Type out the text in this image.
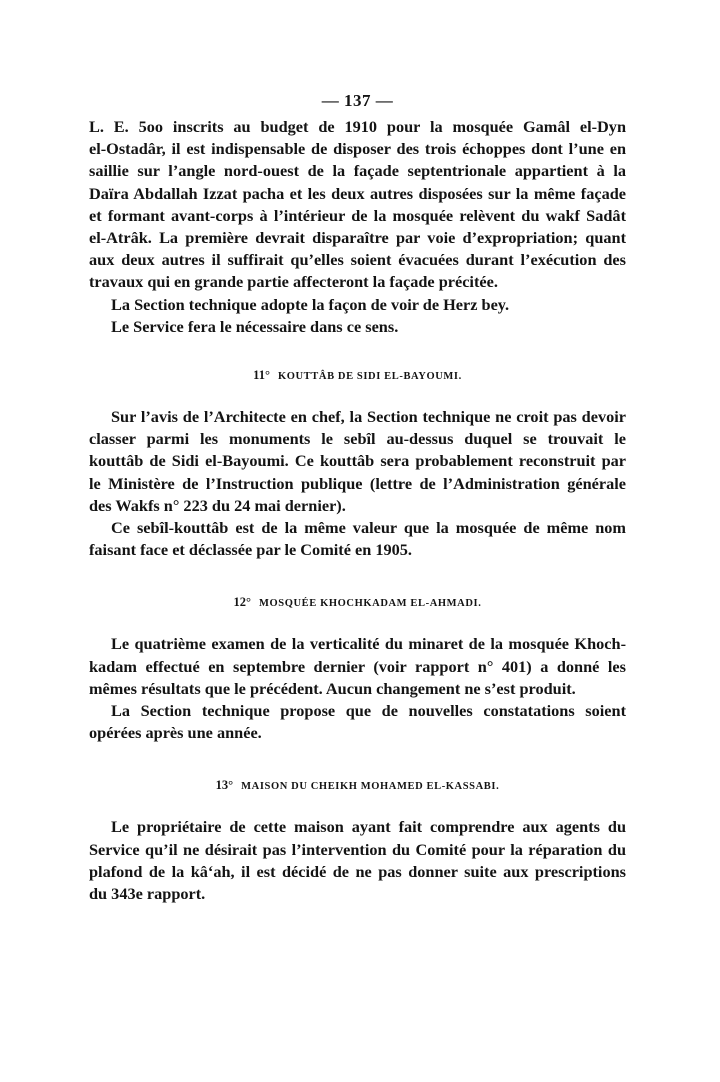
— 137 —
L. E. 5oo inscrits au budget de 1910 pour la mosquée Gamâl el-Dyn
el-Ostadâr, il est indispensable de disposer des trois échoppes dont l’une en
saillie sur l’angle nord-ouest de la façade septentrionale appartient à la
Daïra Abdallah Izzat pacha et les deux autres disposées sur la même façade
et formant avant-corps à l’intérieur de la mosquée relèvent du wakf Sadât
el-Atrâk. La première devrait disparaître par voie d’expropriation; quant
aux deux autres il suffirait qu’elles soient évacuées durant l’exécution des
travaux qui en grande partie affecteront la façade précitée.
La Section technique adopte la façon de voir de Herz bey.
Le Service fera le nécessaire dans ce sens.
11° KOUTTÂB DE SIDI EL-BAYOUMI.
Sur l’avis de l’Architecte en chef, la Section technique ne croit pas devoir
classer parmi les monuments le sebîl au-dessus duquel se trouvait le
kouttâb de Sidi el-Bayoumi. Ce kouttâb sera probablement reconstruit par
le Ministère de l’Instruction publique (lettre de l’Administration générale
des Wakfs n° 223 du 24 mai dernier).
Ce sebîl-kouttâb est de la même valeur que la mosquée de même nom
faisant face et déclassée par le Comité en 1905.
12° MOSQUÉE KHOCHKADAM EL-AHMADI.
Le quatrième examen de la verticalité du minaret de la mosquée Khoch-
kadam effectué en septembre dernier (voir rapport n° 401) a donné les
mêmes résultats que le précédent. Aucun changement ne s’est produit.
La Section technique propose que de nouvelles constatations soient
opérées après une année.
13° MAISON DU CHEIKH MOHAMED EL-KASSABI.
Le propriétaire de cette maison ayant fait comprendre aux agents du
Service qu’il ne désirait pas l’intervention du Comité pour la réparation du
plafond de la kâ‘ah, il est décidé de ne pas donner suite aux prescriptions
du 343e rapport.
